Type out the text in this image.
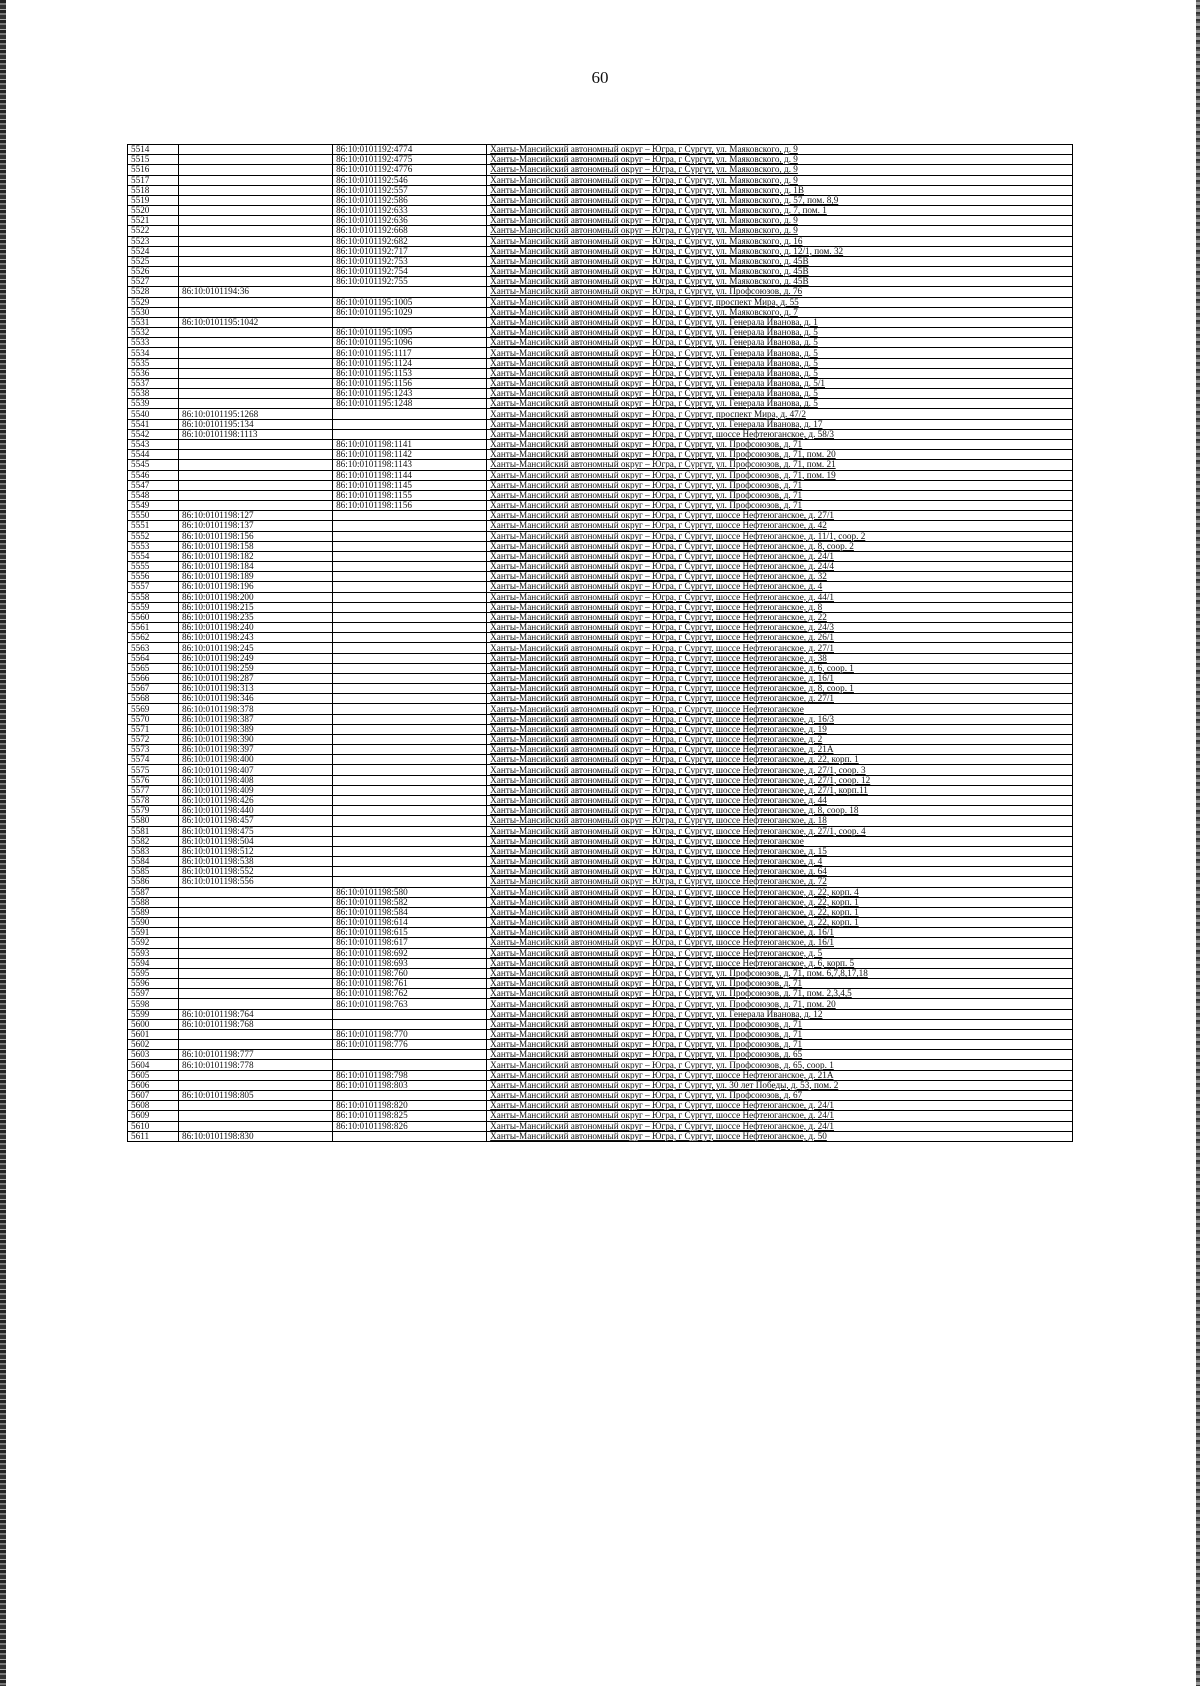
60
5514		86:10:0101192:4774	Ханты-Мансийский автономный округ – Югра, г Сургут, ул. Маяковского, д. 9
5515		86:10:0101192:4775	Ханты-Мансийский автономный округ – Югра, г Сургут, ул. Маяковского, д. 9
5516		86:10:0101192:4776	Ханты-Мансийский автономный округ – Югра, г Сургут, ул. Маяковского, д. 9
5517		86:10:0101192:546	Ханты-Мансийский автономный округ – Югра, г Сургут, ул. Маяковского, д. 9
5518		86:10:0101192:557	Ханты-Мансийский автономный округ – Югра, г Сургут, ул. Маяковского, д. 1В
5519		86:10:0101192:586	Ханты-Мансийский автономный округ – Югра, г Сургут, ул. Маяковского, д. 57, пом. 8,9
5520		86:10:0101192:633	Ханты-Мансийский автономный округ – Югра, г Сургут, ул. Маяковского, д. 7, пом. 1
5521		86:10:0101192:636	Ханты-Мансийский автономный округ – Югра, г Сургут, ул. Маяковского, д. 9
5522		86:10:0101192:668	Ханты-Мансийский автономный округ – Югра, г Сургут, ул. Маяковского, д. 9
5523		86:10:0101192:682	Ханты-Мансийский автономный округ – Югра, г Сургут, ул. Маяковского, д. 16
5524		86:10:0101192:717	Ханты-Мансийский автономный округ – Югра, г Сургут, ул. Маяковского, д. 12/1, пом. 32
5525		86:10:0101192:753	Ханты-Мансийский автономный округ – Югра, г Сургут, ул. Маяковского, д. 45В
5526		86:10:0101192:754	Ханты-Мансийский автономный округ – Югра, г Сургут, ул. Маяковского, д. 45В
5527		86:10:0101192:755	Ханты-Мансийский автономный округ – Югра, г Сургут, ул. Маяковского, д. 45В
5528	86:10:0101194:36		Ханты-Мансийский автономный округ – Югра, г Сургут, ул. Профсоюзов, д. 76
5529		86:10:0101195:1005	Ханты-Мансийский автономный округ – Югра, г Сургут, проспект Мира, д. 55
5530		86:10:0101195:1029	Ханты-Мансийский автономный округ – Югра, г Сургут, ул. Маяковского, д. 7
5531	86:10:0101195:1042		Ханты-Мансийский автономный округ – Югра, г Сургут, ул. Генерала Иванова, д. 1
5532		86:10:0101195:1095	Ханты-Мансийский автономный округ – Югра, г Сургут, ул. Генерала Иванова, д. 5
5533		86:10:0101195:1096	Ханты-Мансийский автономный округ – Югра, г Сургут, ул. Генерала Иванова, д. 5
5534		86:10:0101195:1117	Ханты-Мансийский автономный округ – Югра, г Сургут, ул. Генерала Иванова, д. 5
5535		86:10:0101195:1124	Ханты-Мансийский автономный округ – Югра, г Сургут, ул. Генерала Иванова, д. 5
5536		86:10:0101195:1153	Ханты-Мансийский автономный округ – Югра, г Сургут, ул. Генерала Иванова, д. 5
5537		86:10:0101195:1156	Ханты-Мансийский автономный округ – Югра, г Сургут, ул. Генерала Иванова, д. 5/1
5538		86:10:0101195:1243	Ханты-Мансийский автономный округ – Югра, г Сургут, ул. Генерала Иванова, д. 5
5539		86:10:0101195:1248	Ханты-Мансийский автономный округ – Югра, г Сургут, ул. Генерала Иванова, д. 5
5540	86:10:0101195:1268		Ханты-Мансийский автономный округ – Югра, г Сургут, проспект Мира, д. 47/2
5541	86:10:0101195:134		Ханты-Мансийский автономный округ – Югра, г Сургут, ул. Генерала Иванова, д. 17
5542	86:10:0101198:1113		Ханты-Мансийский автономный округ – Югра, г Сургут, шоссе Нефтеюганское, д. 58/3
5543		86:10:0101198:1141	Ханты-Мансийский автономный округ – Югра, г Сургут, ул. Профсоюзов, д. 71
5544		86:10:0101198:1142	Ханты-Мансийский автономный округ – Югра, г Сургут, ул. Профсоюзов, д. 71, пом. 20
5545		86:10:0101198:1143	Ханты-Мансийский автономный округ – Югра, г Сургут, ул. Профсоюзов, д. 71, пом. 21
5546		86:10:0101198:1144	Ханты-Мансийский автономный округ – Югра, г Сургут, ул. Профсоюзов, д. 71, пом. 19
5547		86:10:0101198:1145	Ханты-Мансийский автономный округ – Югра, г Сургут, ул. Профсоюзов, д. 71
5548		86:10:0101198:1155	Ханты-Мансийский автономный округ – Югра, г Сургут, ул. Профсоюзов, д. 71
5549		86:10:0101198:1156	Ханты-Мансийский автономный округ – Югра, г Сургут, ул. Профсоюзов, д. 71
5550	86:10:0101198:127		Ханты-Мансийский автономный округ – Югра, г Сургут, шоссе Нефтеюганское, д. 27/1
5551	86:10:0101198:137		Ханты-Мансийский автономный округ – Югра, г Сургут, шоссе Нефтеюганское, д. 42
5552	86:10:0101198:156		Ханты-Мансийский автономный округ – Югра, г Сургут, шоссе Нефтеюганское, д. 11/1, соор. 2
5553	86:10:0101198:158		Ханты-Мансийский автономный округ – Югра, г Сургут, шоссе Нефтеюганское, д. 8, соор. 2
5554	86:10:0101198:182		Ханты-Мансийский автономный округ – Югра, г Сургут, шоссе Нефтеюганское, д. 24/1
5555	86:10:0101198:184		Ханты-Мансийский автономный округ – Югра, г Сургут, шоссе Нефтеюганское, д. 24/4
5556	86:10:0101198:189		Ханты-Мансийский автономный округ – Югра, г Сургут, шоссе Нефтеюганское, д. 32
5557	86:10:0101198:196		Ханты-Мансийский автономный округ – Югра, г Сургут, шоссе Нефтеюганское, д. 4
5558	86:10:0101198:200		Ханты-Мансийский автономный округ – Югра, г Сургут, шоссе Нефтеюганское, д. 44/1
5559	86:10:0101198:215		Ханты-Мансийский автономный округ – Югра, г Сургут, шоссе Нефтеюганское, д. 8
5560	86:10:0101198:235		Ханты-Мансийский автономный округ – Югра, г Сургут, шоссе Нефтеюганское, д. 22
5561	86:10:0101198:240		Ханты-Мансийский автономный округ – Югра, г Сургут, шоссе Нефтеюганское, д. 24/3
5562	86:10:0101198:243		Ханты-Мансийский автономный округ – Югра, г Сургут, шоссе Нефтеюганское, д. 26/1
5563	86:10:0101198:245		Ханты-Мансийский автономный округ – Югра, г Сургут, шоссе Нефтеюганское, д. 27/1
5564	86:10:0101198:249		Ханты-Мансийский автономный округ – Югра, г Сургут, шоссе Нефтеюганское, д. 38
5565	86:10:0101198:259		Ханты-Мансийский автономный округ – Югра, г Сургут, шоссе Нефтеюганское, д. 6, соор. 1
5566	86:10:0101198:287		Ханты-Мансийский автономный округ – Югра, г Сургут, шоссе Нефтеюганское, д. 16/1
5567	86:10:0101198:313		Ханты-Мансийский автономный округ – Югра, г Сургут, шоссе Нефтеюганское, д. 8, соор. 1
5568	86:10:0101198:346		Ханты-Мансийский автономный округ – Югра, г Сургут, шоссе Нефтеюганское, д. 27/1
5569	86:10:0101198:378		Ханты-Мансийский автономный округ – Югра, г Сургут, шоссе Нефтеюганское
5570	86:10:0101198:387		Ханты-Мансийский автономный округ – Югра, г Сургут, шоссе Нефтеюганское, д. 16/3
5571	86:10:0101198:389		Ханты-Мансийский автономный округ – Югра, г Сургут, шоссе Нефтеюганское, д. 19
5572	86:10:0101198:390		Ханты-Мансийский автономный округ – Югра, г Сургут, шоссе Нефтеюганское, д. 2
5573	86:10:0101198:397		Ханты-Мансийский автономный округ – Югра, г Сургут, шоссе Нефтеюганское, д. 21А
5574	86:10:0101198:400		Ханты-Мансийский автономный округ – Югра, г Сургут, шоссе Нефтеюганское, д. 22, корп. 1
5575	86:10:0101198:407		Ханты-Мансийский автономный округ – Югра, г Сургут, шоссе Нефтеюганское, д. 27/1, соор. 3
5576	86:10:0101198:408		Ханты-Мансийский автономный округ – Югра, г Сургут, шоссе Нефтеюганское, д. 27/1, соор. 12
5577	86:10:0101198:409		Ханты-Мансийский автономный округ – Югра, г Сургут, шоссе Нефтеюганское, д. 27/1, корп.11
5578	86:10:0101198:426		Ханты-Мансийский автономный округ – Югра, г Сургут, шоссе Нефтеюганское, д. 44
5579	86:10:0101198:440		Ханты-Мансийский автономный округ – Югра, г Сургут, шоссе Нефтеюганское, д. 8, соор. 18
5580	86:10:0101198:457		Ханты-Мансийский автономный округ – Югра, г Сургут, шоссе Нефтеюганское, д. 18
5581	86:10:0101198:475		Ханты-Мансийский автономный округ – Югра, г Сургут, шоссе Нефтеюганское, д. 27/1, соор. 4
5582	86:10:0101198:504		Ханты-Мансийский автономный округ – Югра, г Сургут, шоссе Нефтеюганское
5583	86:10:0101198:512		Ханты-Мансийский автономный округ – Югра, г Сургут, шоссе Нефтеюганское, д. 15
5584	86:10:0101198:538		Ханты-Мансийский автономный округ – Югра, г Сургут, шоссе Нефтеюганское, д. 4
5585	86:10:0101198:552		Ханты-Мансийский автономный округ – Югра, г Сургут, шоссе Нефтеюганское, д. 64
5586	86:10:0101198:556		Ханты-Мансийский автономный округ – Югра, г Сургут, шоссе Нефтеюганское, д. 72
5587		86:10:0101198:580	Ханты-Мансийский автономный округ – Югра, г Сургут, шоссе Нефтеюганское, д. 22, корп. 4
5588		86:10:0101198:582	Ханты-Мансийский автономный округ – Югра, г Сургут, шоссе Нефтеюганское, д. 22, корп. 1
5589		86:10:0101198:584	Ханты-Мансийский автономный округ – Югра, г Сургут, шоссе Нефтеюганское, д. 22, корп. 1
5590		86:10:0101198:614	Ханты-Мансийский автономный округ – Югра, г Сургут, шоссе Нефтеюганское, д. 22, корп. 1
5591		86:10:0101198:615	Ханты-Мансийский автономный округ – Югра, г Сургут, шоссе Нефтеюганское, д. 16/1
5592		86:10:0101198:617	Ханты-Мансийский автономный округ – Югра, г Сургут, шоссе Нефтеюганское, д. 16/1
5593		86:10:0101198:692	Ханты-Мансийский автономный округ – Югра, г Сургут, шоссе Нефтеюганское, д. 5
5594		86:10:0101198:693	Ханты-Мансийский автономный округ – Югра, г Сургут, шоссе Нефтеюганское, д. 6, корп. 5
5595		86:10:0101198:760	Ханты-Мансийский автономный округ – Югра, г Сургут, ул. Профсоюзов, д. 71, пом. 6,7,8,17,18
5596		86:10:0101198:761	Ханты-Мансийский автономный округ – Югра, г Сургут, ул. Профсоюзов, д. 71
5597		86:10:0101198:762	Ханты-Мансийский автономный округ – Югра, г Сургут, ул. Профсоюзов, д. 71, пом. 2,3,4,5
5598		86:10:0101198:763	Ханты-Мансийский автономный округ – Югра, г Сургут, ул. Профсоюзов, д. 71, пом. 20
5599	86:10:0101198:764		Ханты-Мансийский автономный округ – Югра, г Сургут, ул. Генерала Иванова, д. 12
5600	86:10:0101198:768		Ханты-Мансийский автономный округ – Югра, г Сургут, ул. Профсоюзов, д. 71
5601		86:10:0101198:770	Ханты-Мансийский автономный округ – Югра, г Сургут, ул. Профсоюзов, д. 71
5602		86:10:0101198:776	Ханты-Мансийский автономный округ – Югра, г Сургут, ул. Профсоюзов, д. 71
5603	86:10:0101198:777		Ханты-Мансийский автономный округ – Югра, г Сургут, ул. Профсоюзов, д. 65
5604	86:10:0101198:778		Ханты-Мансийский автономный округ – Югра, г Сургут, ул. Профсоюзов, д. 65, соор. 1
5605		86:10:0101198:798	Ханты-Мансийский автономный округ – Югра, г Сургут, шоссе Нефтеюганское, д. 21А
5606		86:10:0101198:803	Ханты-Мансийский автономный округ – Югра, г Сургут, ул. 30 лет Победы, д. 53, пом. 2
5607	86:10:0101198:805		Ханты-Мансийский автономный округ – Югра, г Сургут, ул. Профсоюзов, д. 67
5608		86:10:0101198:820	Ханты-Мансийский автономный округ – Югра, г Сургут, шоссе Нефтеюганское, д. 24/1
5609		86:10:0101198:825	Ханты-Мансийский автономный округ – Югра, г Сургут, шоссе Нефтеюганское, д. 24/1
5610		86:10:0101198:826	Ханты-Мансийский автономный округ – Югра, г Сургут, шоссе Нефтеюганское, д. 24/1
5611	86:10:0101198:830		Ханты-Мансийский автономный округ – Югра, г Сургут, шоссе Нефтеюганское, д. 50
